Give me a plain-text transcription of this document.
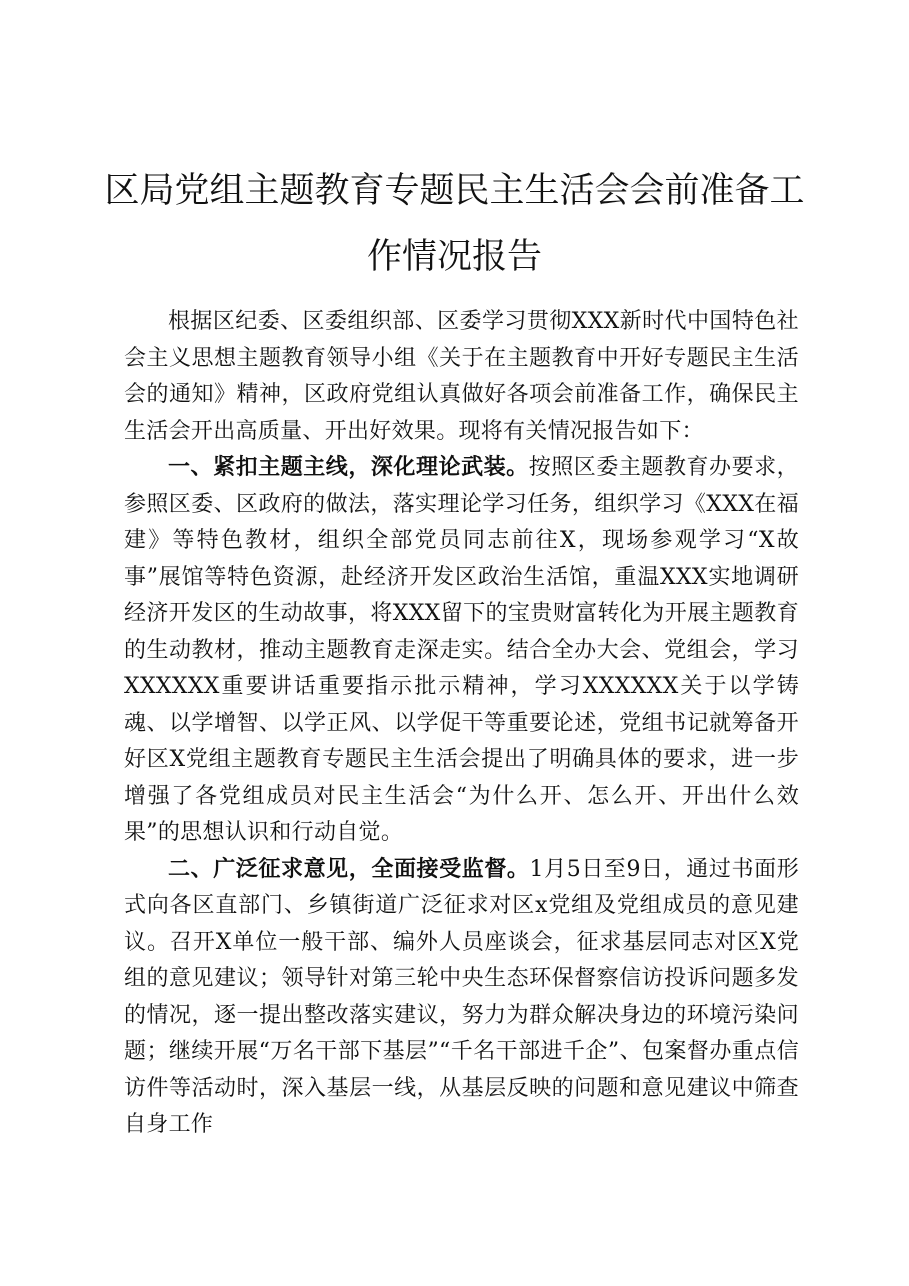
区局党组主题教育专题民主生活会会前准备工作情况报告

根据区纪委、区委组织部、区委学习贯彻XXX新时代中国特色社会主义思想主题教育领导小组《关于在主题教育中开好专题民主生活会的通知》精神，区政府党组认真做好各项会前准备工作，确保民主生活会开出高质量、开出好效果。现将有关情况报告如下：

一、紧扣主题主线，深化理论武装。按照区委主题教育办要求，参照区委、区政府的做法，落实理论学习任务，组织学习《XXX在福建》等特色教材，组织全部党员同志前往X，现场参观学习“X故事”展馆等特色资源，赴经济开发区政治生活馆，重温XXX实地调研经济开发区的生动故事，将XXX留下的宝贵财富转化为开展主题教育的生动教材，推动主题教育走深走实。结合全办大会、党组会，学习XXXXXX重要讲话重要指示批示精神，学习XXXXXX关于以学铸魂、以学增智、以学正风、以学促干等重要论述，党组书记就筹备开好区X党组主题教育专题民主生活会提出了明确具体的要求，进一步增强了各党组成员对民主生活会“为什么开、怎么开、开出什么效果”的思想认识和行动自觉。

二、广泛征求意见，全面接受监督。1月5日至9日，通过书面形式向各区直部门、乡镇街道广泛征求对区x党组及党组成员的意见建议。召开X单位一般干部、编外人员座谈会，征求基层同志对区X党组的意见建议；领导针对第三轮中央生态环保督察信访投诉问题多发的情况，逐一提出整改落实建议，努力为群众解决身边的环境污染问题；继续开展“万名干部下基层”“千名干部进千企”、包案督办重点信访件等活动时，深入基层一线，从基层反映的问题和意见建议中筛查自身工作
